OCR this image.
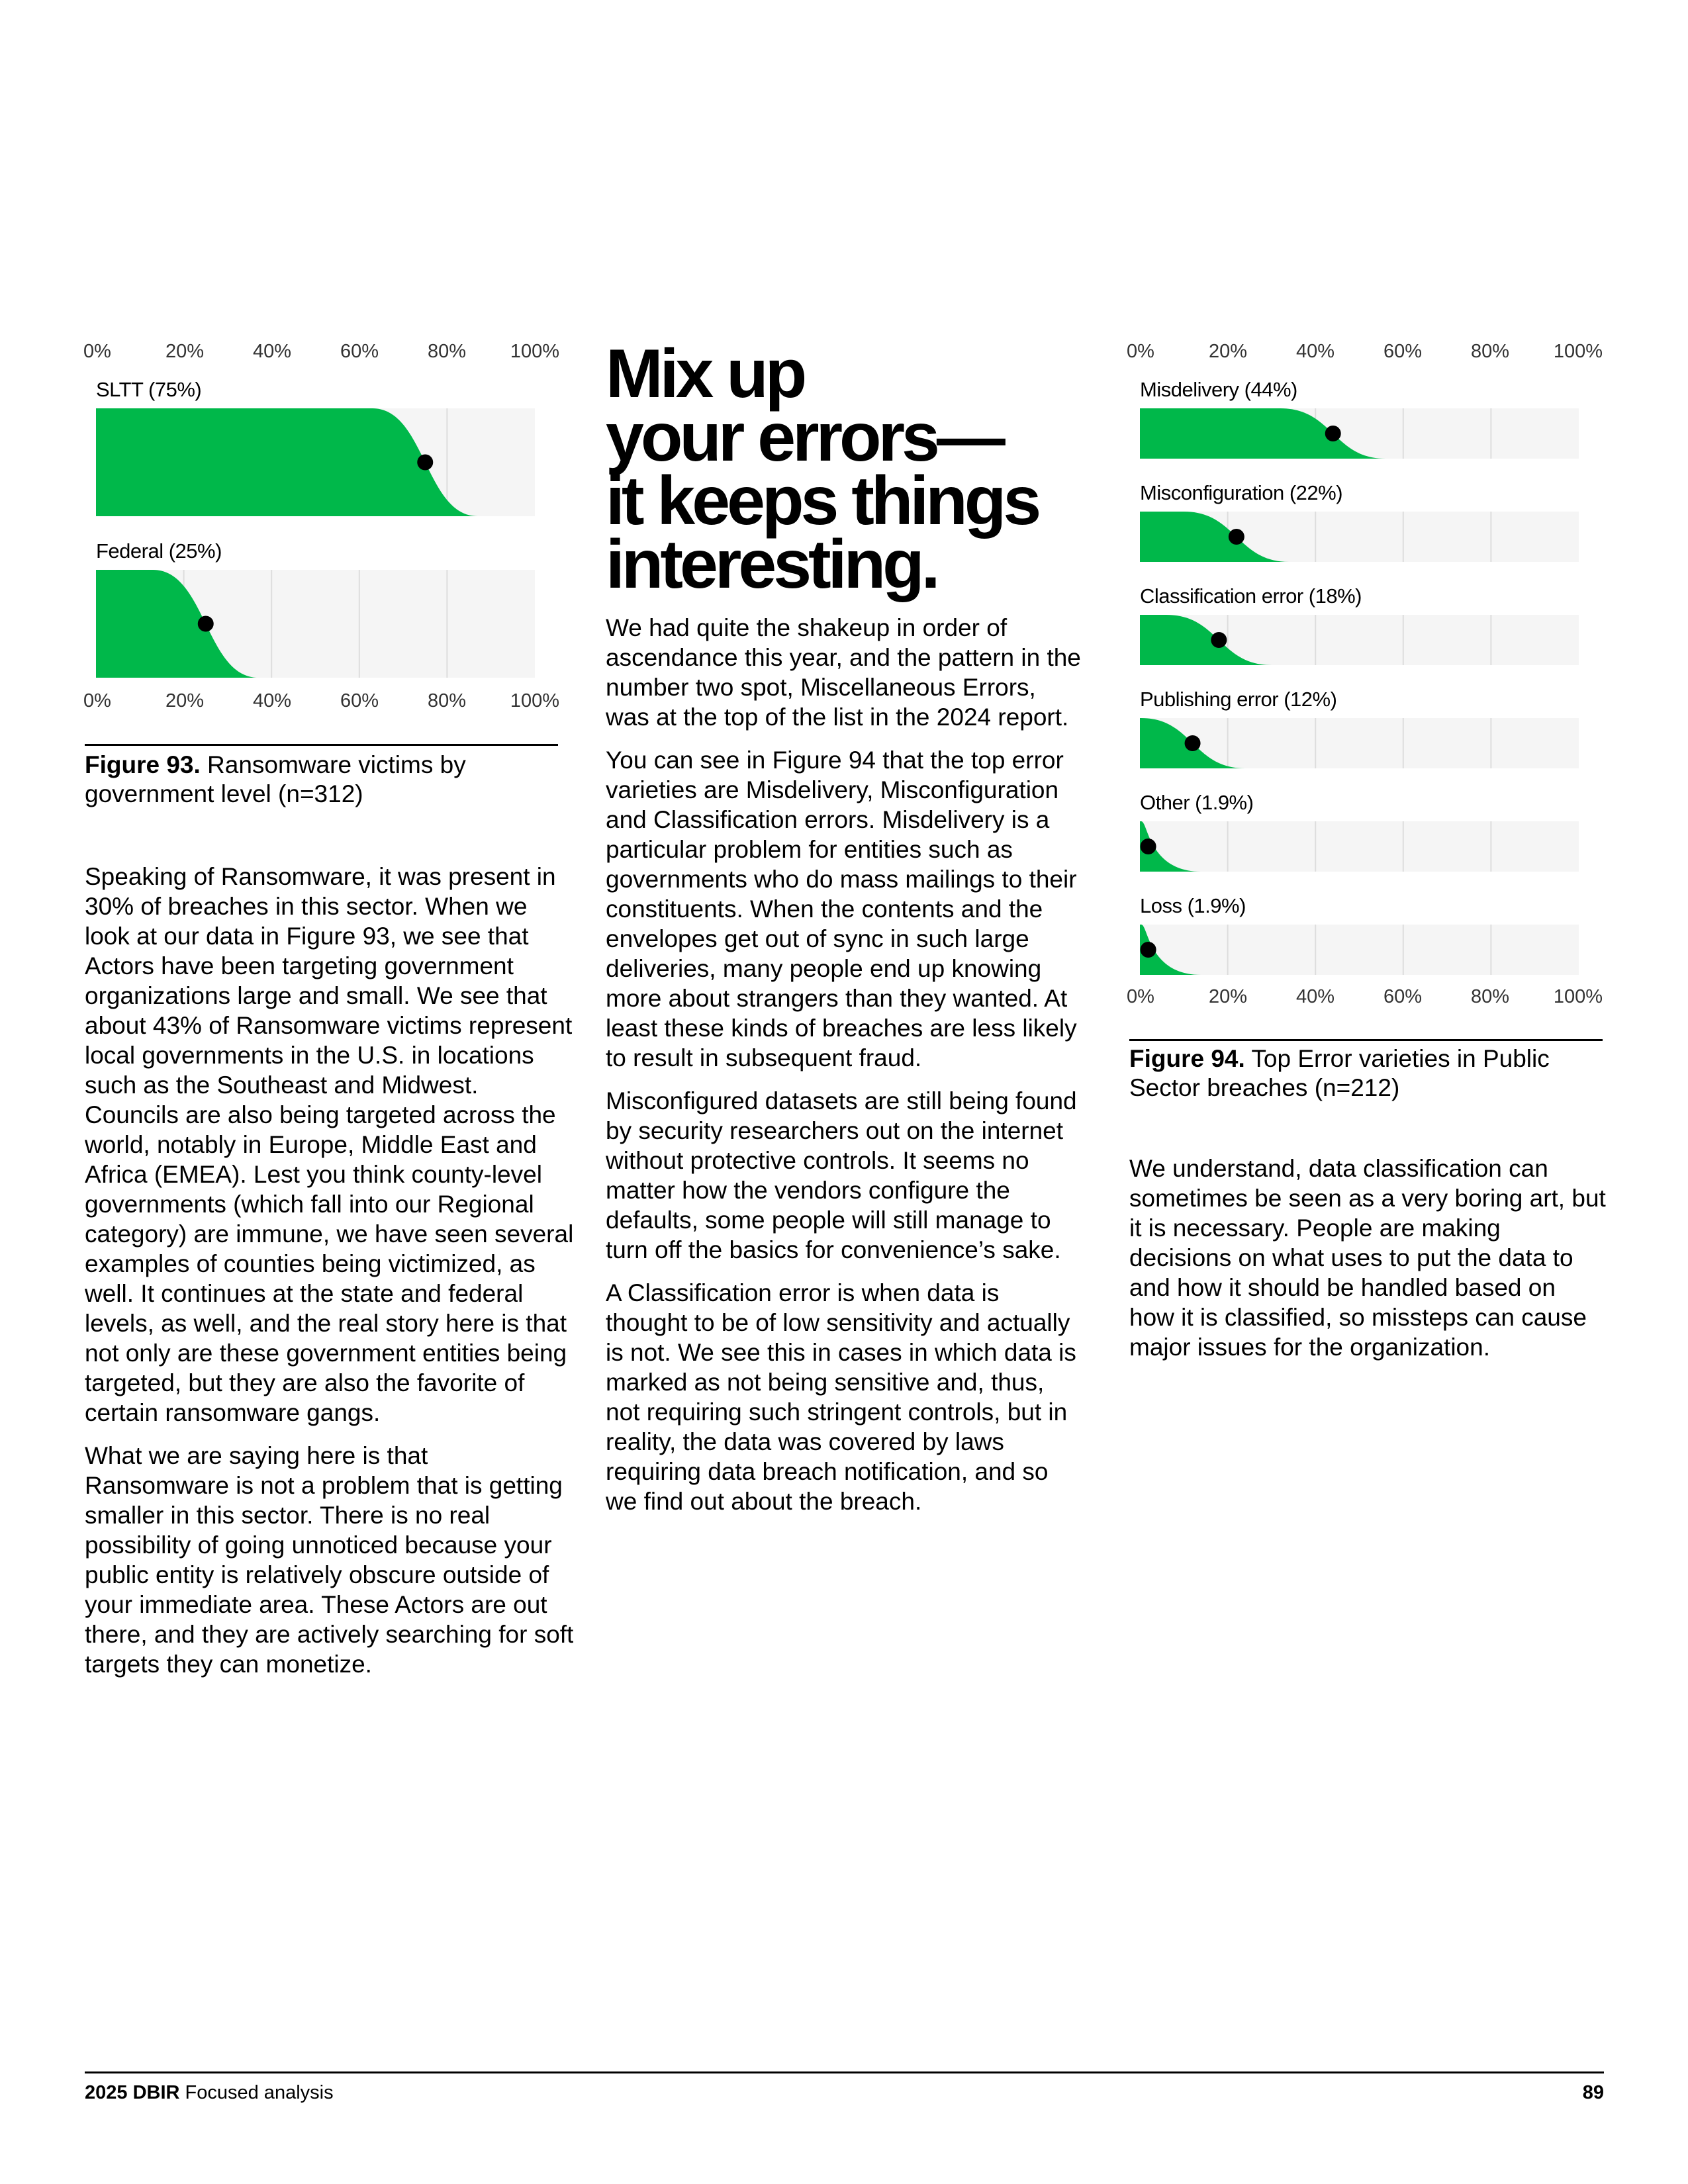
0%	20%	40%	60%	80% 100%
SLTT (75%)
Federal (25%)
0%	20%	40%	60%	80% 100%
Figure 93. Ransomware victims by government level (n=312)

Speaking of Ransomware, it was present in 30% of breaches in this sector. When we look at our data in Figure 93, we see that Actors have been targeting government organizations large and small. We see that about 43% of Ransomware victims represent local governments in the U.S. in locations such as the Southeast and Midwest. Councils are also being targeted across the world, notably in Europe, Middle East and Africa (EMEA). Lest you think county-level governments (which fall into our Regional category) are immune, we have seen several examples of counties being victimized, as well. It continues at the state and federal levels, as well, and the real story here is that not only are these government entities being targeted, but they are also the favorite of certain ransomware gangs.

What we are saying here is that Ransomware is not a problem that is getting smaller in this sector. There is no real possibility of going unnoticed because your public entity is relatively obscure outside of your immediate area. These Actors are out there, and they are actively searching for soft targets they can monetize.

Mix up
your errors—
it keeps things
interesting.

We had quite the shakeup in order of ascendance this year, and the pattern in the number two spot, Miscellaneous Errors, was at the top of the list in the 2024 report.

You can see in Figure 94 that the top error varieties are Misdelivery, Misconfiguration and Classification errors. Misdelivery is a particular problem for entities such as governments who do mass mailings to their constituents. When the contents and the envelopes get out of sync in such large deliveries, many people end up knowing more about strangers than they wanted. At least these kinds of breaches are less likely to result in subsequent fraud.

Misconfigured datasets are still being found by security researchers out on the internet without protective controls. It seems no matter how the vendors configure the defaults, some people will still manage to turn off the basics for convenience’s sake.

A Classification error is when data is thought to be of low sensitivity and actually is not. We see this in cases in which data is marked as not being sensitive and, thus, not requiring such stringent controls, but in reality, the data was covered by laws requiring data breach notification, and so we find out about the breach.

0%	20%	40%	60%	80% 100%
Misdelivery (44%)
Misconfiguration (22%)
Classification error (18%)
Publishing error (12%)
Other (1.9%)
Loss (1.9%)
0%	20%	40%	60%	80% 100%
Figure 94. Top Error varieties in Public Sector breaches (n=212)

We understand, data classification can sometimes be seen as a very boring art, but it is necessary. People are making decisions on what uses to put the data to and how it should be handled based on how it is classified, so missteps can cause major issues for the organization.

2025 DBIR Focused analysis	89
